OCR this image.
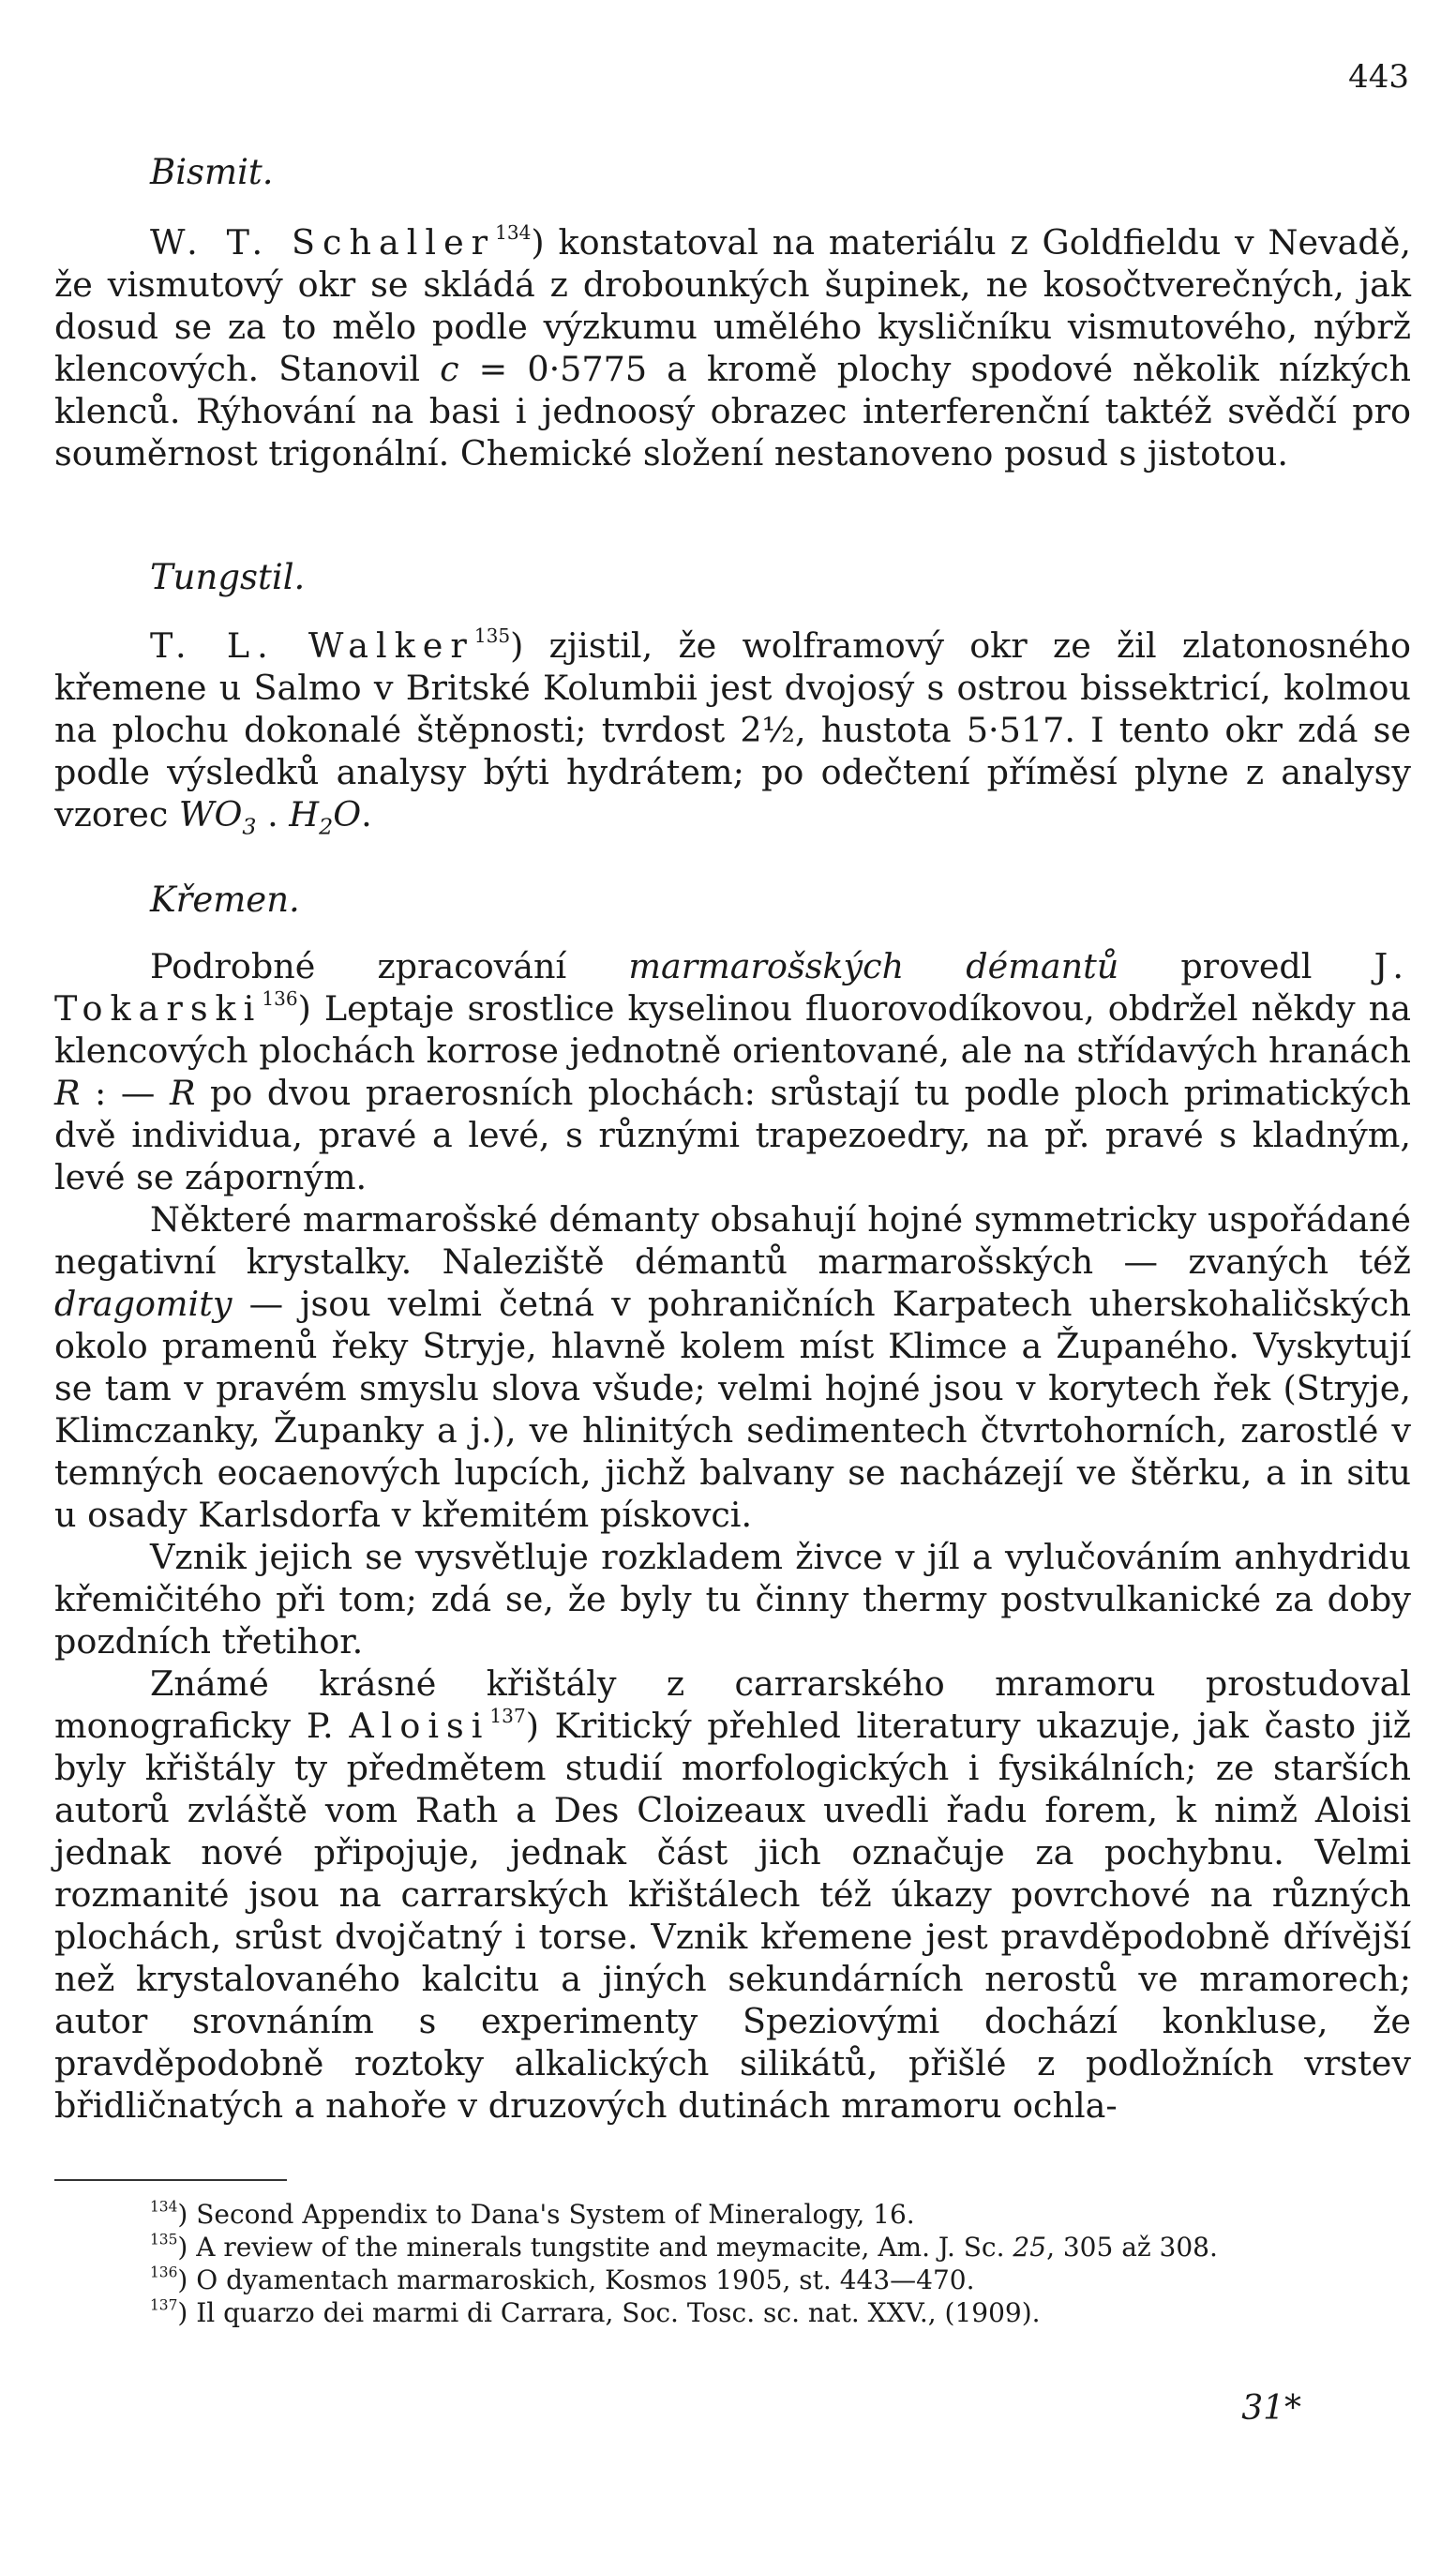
443
Bismit.

W. T. Schaller$^{134}$) konstatoval na materiálu z Goldfieldu v Nevadě, že vismutový okr se skládá z drobounkých šupinek, ne kosočtverečných, jak dosud se za to mělo podle výzkumu umělého kysličníku vismutového, nýbrž klencových. Stanovil c = 0·5775 a kromě plochy spodové několik nízkých klenců. Rýhování na basi i jednoosý obrazec interferenční taktéž svědčí pro souměrnost trigonální. Chemické složení nestanoveno posud s jistotou.

Tungstil.

T. L. Walker$^{135}$) zjistil, že wolframový okr ze žil zlatonosného křemene u Salmo v Britské Kolumbii jest dvojosý s ostrou bissektricí, kolmou na plochu dokonalé štěpnosti; tvrdost 2½, hustota 5·517. I tento okr zdá se podle výsledků analysy býti hydrátem; po odečtení příměsí plyne z analysy vzorec $WO_3$ . $H_2O$.

Křemen.

Podrobné zpracování marmarošských démantů provedl J. Tokarski$^{136}$) Leptaje srostlice kyselinou fluorovodíkovou, obdržel někdy na klencových plochách korrose jednotně orientované, ale na střídavých hranách R : — R po dvou praerosních plochách: srůstají tu podle ploch primatických dvě individua, pravé a levé, s různými trapezoedry, na př. pravé s kladným, levé se záporným.

Některé marmarošské démanty obsahují hojné symmetricky uspořádané negativní krystalky. Naleziště démantů marmarošských — zvaných též dragomity — jsou velmi četná v pohraničních Karpatech uherskohaličských okolo pramenů řeky Stryje, hlavně kolem míst Klimce a Županého. Vyskytují se tam v pravém smyslu slova všude; velmi hojné jsou v korytech řek (Stryje, Klimczanky, Županky a j.), ve hlinitých sedimentech čtvrtohorních, zarostlé v temných eocaenových lupcích, jichž balvany se nacházejí ve štěrku, a in situ u osady Karlsdorfa v křemitém pískovci.

Vznik jejich se vysvětluje rozkladem živce v jíl a vylučováním anhydridu křemičitého při tom; zdá se, že byly tu činny thermy postvulkanické za doby pozdních třetihor.

Známé krásné křištály z carrarského mramoru prostudoval monograficky P. Aloisi$^{137}$) Kritický přehled literatury ukazuje, jak často již byly křištály ty předmětem studií morfologických i fysikálních; ze starších autorů zvláště vom Rath a Des Cloizeaux uvedli řadu forem, k nimž Aloisi jednak nové připojuje, jednak část jich označuje za pochybnu. Velmi rozmanité jsou na carrarských křištálech též úkazy povrchové na různých plochách, srůst dvojčatný i torse. Vznik křemene jest pravděpodobně dřívější než krystalovaného kalcitu a jiných sekundárních nerostů ve mramorech; autor srovnáním s experimenty Speziovými dochází konkluse, že pravděpodobně roztoky alkalických silikátů, přišlé z podložních vrstev břidličnatých a nahoře v druzových dutinách mramoru ochla-

$^{134}$) Second Appendix to Dana's System of Mineralogy, 16.

$^{135}$) A review of the minerals tungstite and meymacite, Am. J. Sc. 25, 305 až 308.

$^{136}$) O dyamentach marmaroskich, Kosmos 1905, st. 443—470.

$^{137}$) Il quarzo dei marmi di Carrara, Soc. Tosc. sc. nat. XXV., (1909).

31*
